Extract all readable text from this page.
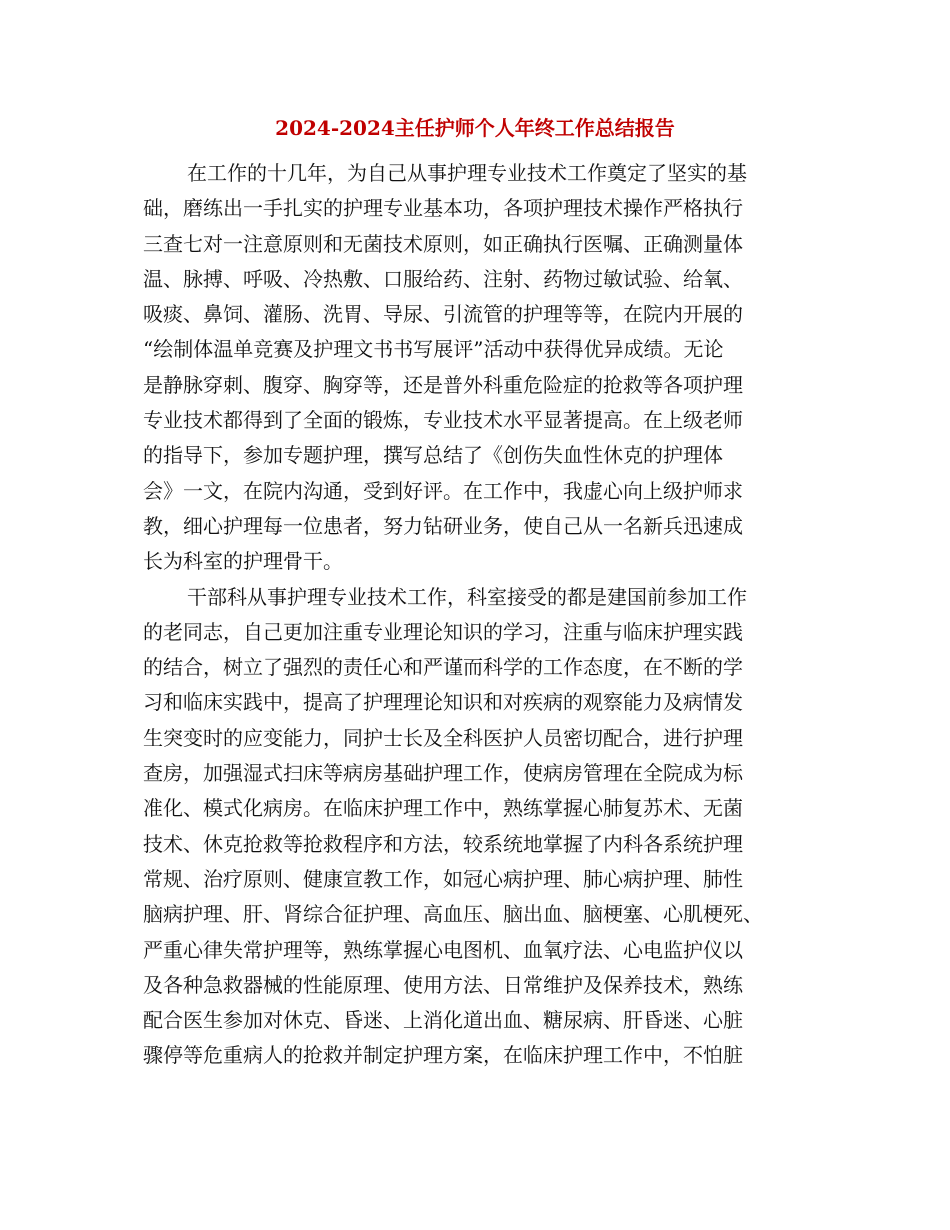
2024-2024主任护师个人年终工作总结报告
在工作的十几年，为自己从事护理专业技术工作奠定了坚实的基
础，磨练出一手扎实的护理专业基本功，各项护理技术操作严格执行
三查七对一注意原则和无菌技术原则，如正确执行医嘱、正确测量体
温、脉搏、呼吸、冷热敷、口服给药、注射、药物过敏试验、给氧、
吸痰、鼻饲、灌肠、洗胃、导尿、引流管的护理等等，在院内开展的
“绘制体温单竞赛及护理文书书写展评”活动中获得优异成绩。无论
是静脉穿刺、腹穿、胸穿等，还是普外科重危险症的抢救等各项护理
专业技术都得到了全面的锻炼，专业技术水平显著提高。在上级老师
的指导下，参加专题护理，撰写总结了《创伤失血性休克的护理体
会》一文，在院内沟通，受到好评。在工作中，我虚心向上级护师求
教，细心护理每一位患者，努力钻研业务，使自己从一名新兵迅速成
长为科室的护理骨干。
干部科从事护理专业技术工作，科室接受的都是建国前参加工作
的老同志，自己更加注重专业理论知识的学习，注重与临床护理实践
的结合，树立了强烈的责任心和严谨而科学的工作态度，在不断的学
习和临床实践中，提高了护理理论知识和对疾病的观察能力及病情发
生突变时的应变能力，同护士长及全科医护人员密切配合，进行护理
查房，加强湿式扫床等病房基础护理工作，使病房管理在全院成为标
准化、模式化病房。在临床护理工作中，熟练掌握心肺复苏术、无菌
技术、休克抢救等抢救程序和方法，较系统地掌握了内科各系统护理
常规、治疗原则、健康宣教工作，如冠心病护理、肺心病护理、肺性
脑病护理、肝、肾综合征护理、高血压、脑出血、脑梗塞、心肌梗死、
严重心律失常护理等，熟练掌握心电图机、血氧疗法、心电监护仪以
及各种急救器械的性能原理、使用方法、日常维护及保养技术，熟练
配合医生参加对休克、昏迷、上消化道出血、糖尿病、肝昏迷、心脏
骤停等危重病人的抢救并制定护理方案，在临床护理工作中，不怕脏
